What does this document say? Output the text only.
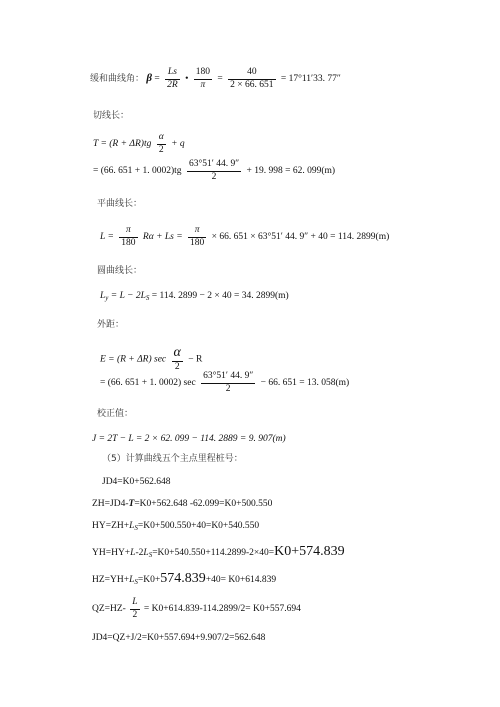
缓和曲线角： $\beta = \frac{Ls}{2R}$ • $\frac{180}{\pi} = \frac{40}{2 \times 66. 651} = 17^\circ 11'33$. 77″
切线长：
$T = (R + \Delta R)tg \frac{\alpha}{2} + q$
= (66. 651 + 1. $0002)tg \frac{63^\circ 51' 44. 9''}{2} + 19$. 998 = 62. 099(m)
平曲线长：
$L = \frac{\pi}{180}$ $R\alpha + Ls = \frac{\pi}{180} \times 66$. 651 × 63°51′ 44. 9″ + 40 = 114. 2899(m)
圆曲线长：
$L_y = L - 2L_S = 114$. 2899 − 2 × 40 = 34. 2899(m)
外距：
E = (R + ΔR) $\sec \frac{\alpha}{2} - R$
= (66. 651 + 1. 0002) $\sec \frac{63^\circ 51' 44. 9''}{2} - 66$. 651 = 13. 058(m)
校正值：
J = 2T − L = 2 × 62. 099 − 114. 2889 = 9. 907(m)
（5）计算曲线五个主点里程桩号：
JD4=K0+562.648
ZH=JD4-T=K0+562.648 -62.099=K0+500.550
$HY=ZH+L_S=K0+500.550+40=K0+540.550$
$YH=HY+L-2L_S=K0+540.550+114.2899-2\times 40=K0+574.839$
$HZ=YH+L_S=K0+574.839+40= K0+614.839$
$QZ=HZ- \frac{L}{2} = K0+614.839-114.2899/2= K0+557.694$
JD4=QZ+J/2=K0+557.694+9.907/2=562.648
